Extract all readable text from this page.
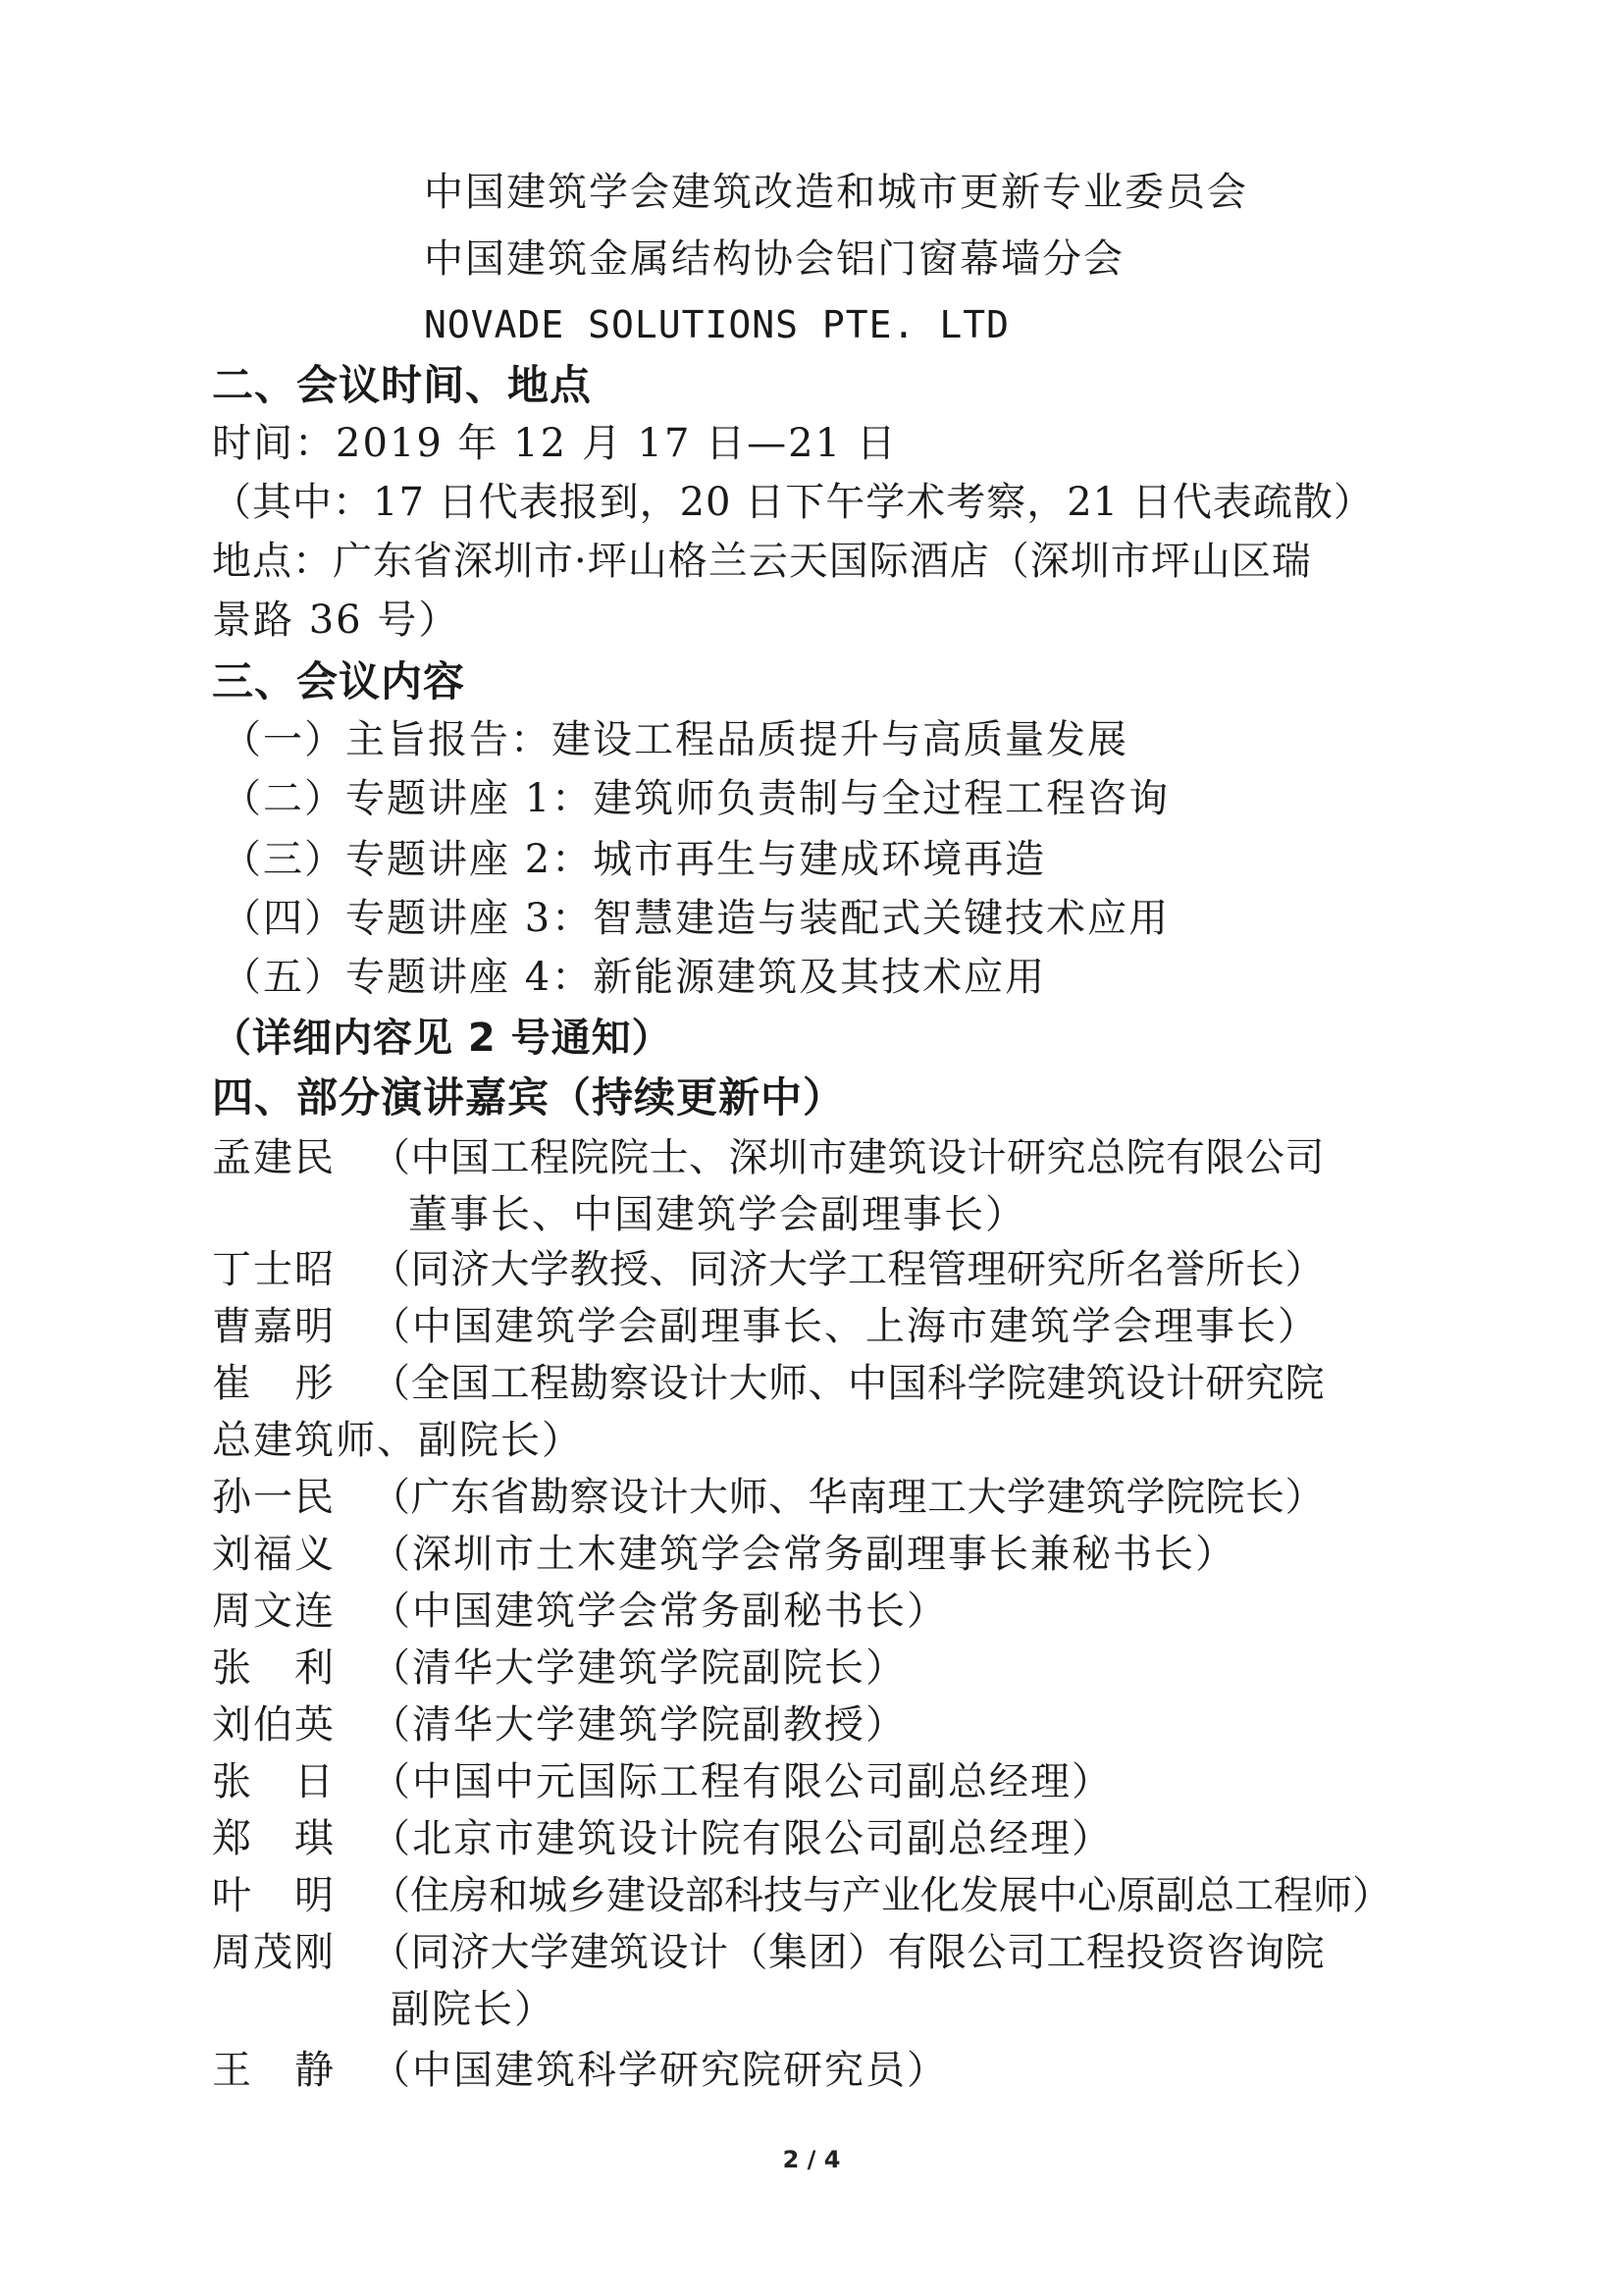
中国建筑学会建筑改造和城市更新专业委员会
中国建筑金属结构协会铝门窗幕墙分会
NOVADE SOLUTIONS PTE. LTD
二、会议时间、地点
时间：2019 年 12 月 17 日—21 日
（其中：17 日代表报到，20 日下午学术考察，21 日代表疏散）
地点：广东省深圳市·坪山格兰云天国际酒店（深圳市坪山区瑞
景路 36 号）
三、会议内容
（一）主旨报告：建设工程品质提升与高质量发展
（二）专题讲座 1：建筑师负责制与全过程工程咨询
（三）专题讲座 2：城市再生与建成环境再造
（四）专题讲座 3：智慧建造与装配式关键技术应用
（五）专题讲座 4：新能源建筑及其技术应用
（详细内容见 2 号通知）
四、部分演讲嘉宾（持续更新中）
孟建民 （中国工程院院士、深圳市建筑设计研究总院有限公司
董事长、中国建筑学会副理事长）
丁士昭 （同济大学教授、同济大学工程管理研究所名誉所长）
曹嘉明 （中国建筑学会副理事长、上海市建筑学会理事长）
崔　彤 （全国工程勘察设计大师、中国科学院建筑设计研究院
总建筑师、副院长）
孙一民 （广东省勘察设计大师、华南理工大学建筑学院院长）
刘福义 （深圳市土木建筑学会常务副理事长兼秘书长）
周文连 （中国建筑学会常务副秘书长）
张　利 （清华大学建筑学院副院长）
刘伯英 （清华大学建筑学院副教授）
张　日 （中国中元国际工程有限公司副总经理）
郑　琪 （北京市建筑设计院有限公司副总经理）
叶　明 （住房和城乡建设部科技与产业化发展中心原副总工程师）
周茂刚 （同济大学建筑设计（集团）有限公司工程投资咨询院
副院长）
王　静 （中国建筑科学研究院研究员）
2 / 4
